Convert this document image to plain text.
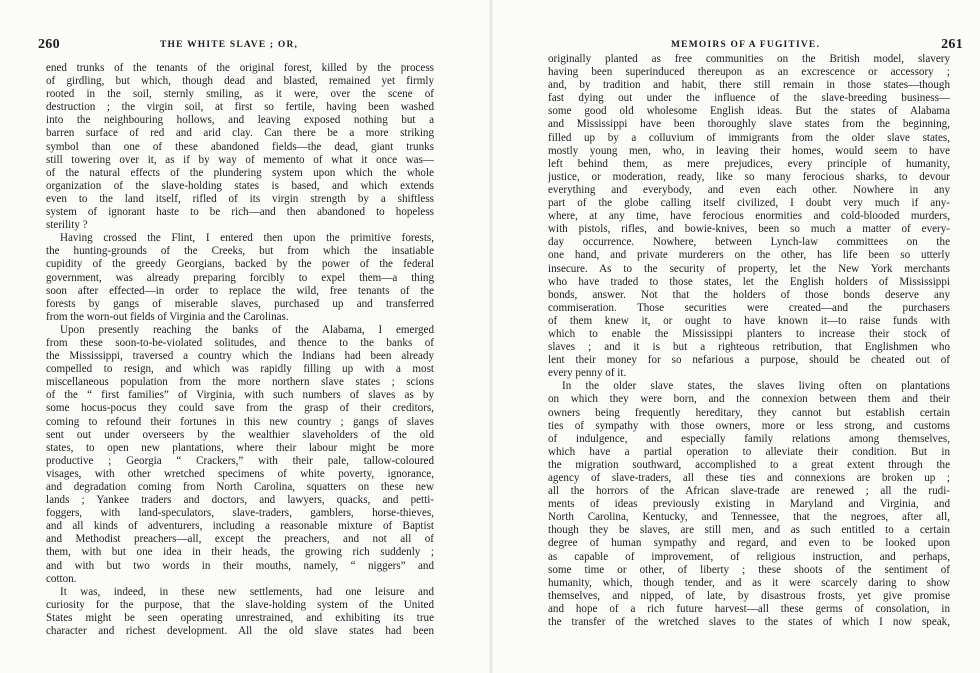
260	THE WHITE SLAVE ; OR,
ened trunks of the tenants of the original forest, killed by the process
of girdling, but which, though dead and blasted, remained yet firmly
rooted in the soil, sternly smiling, as it were, over the scene of
destruction ; the virgin soil, at first so fertile, having been washed
into the neighbouring hollows, and leaving exposed nothing but a
barren surface of red and arid clay. Can there be a more striking
symbol than one of these abandoned fields—the dead, giant trunks
still towering over it, as if by way of memento of what it once was—
of the natural effects of the plundering system upon which the whole
organization of the slave-holding states is based, and which extends
even to the land itself, rifled of its virgin strength by a shiftless
system of ignorant haste to be rich—and then abandoned to hopeless
sterility ?
Having crossed the Flint, I entered then upon the primitive forests,
the hunting-grounds of the Creeks, but from which the insatiable
cupidity of the greedy Georgians, backed by the power of the federal
government, was already preparing forcibly to expel them—a thing
soon after effected—in order to replace the wild, free tenants of the
forests by gangs of miserable slaves, purchased up and transferred
from the worn-out fields of Virginia and the Carolinas.
Upon presently reaching the banks of the Alabama, I emerged
from these soon-to-be-violated solitudes, and thence to the banks of
the Mississippi, traversed a country which the Indians had been already
compelled to resign, and which was rapidly filling up with a most
miscellaneous population from the more northern slave states ; scions
of the “ first families” of Virginia, with such numbers of slaves as by
some hocus-pocus they could save from the grasp of their creditors,
coming to refound their fortunes in this new country ; gangs of slaves
sent out under overseers by the wealthier slaveholders of the old
states, to open new plantations, where their labour might be more
productive ; Georgia “ Crackers,” with their pale, tallow-coloured
visages, with other wretched specimens of white poverty, ignorance,
and degradation coming from North Carolina, squatters on these new
lands ; Yankee traders and doctors, and lawyers, quacks, and petti-
foggers, with land-speculators, slave-traders, gamblers, horse-thieves,
and all kinds of adventurers, including a reasonable mixture of Baptist
and Methodist preachers—all, except the preachers, and not all of
them, with but one idea in their heads, the growing rich suddenly ;
and with but two words in their mouths, namely, “ niggers” and
cotton.
It was, indeed, in these new settlements, had one leisure and
curiosity for the purpose, that the slave-holding system of the United
States might be seen operating unrestrained, and exhibiting its true
character and richest development. All the old slave states had been
MEMOIRS OF A FUGITIVE.	261
originally planted as free communities on the British model, slavery
having been superinduced thereupon as an excrescence or accessory ;
and, by tradition and habit, there still remain in those states—though
fast dying out under the influence of the slave-breeding business—
some good old wholesome English ideas. But the states of Alabama
and Mississippi have been thoroughly slave states from the beginning,
filled up by a colluvium of immigrants from the older slave states,
mostly young men, who, in leaving their homes, would seem to have
left behind them, as mere prejudices, every principle of humanity,
justice, or moderation, ready, like so many ferocious sharks, to devour
everything and everybody, and even each other. Nowhere in any
part of the globe calling itself civilized, I doubt very much if any-
where, at any time, have ferocious enormities and cold-blooded murders,
with pistols, rifles, and bowie-knives, been so much a matter of every-
day occurrence. Nowhere, between Lynch-law committees on the
one hand, and private murderers on the other, has life been so utterly
insecure. As to the security of property, let the New York merchants
who have traded to those states, let the English holders of Mississippi
bonds, answer. Not that the holders of those bonds deserve any
commiseration. Those securities were created—and the purchasers
of them knew it, or ought to have known it—to raise funds with
which to enable the Mississippi planters to increase their stock of
slaves ; and it is but a righteous retribution, that Englishmen who
lent their money for so nefarious a purpose, should be cheated out of
every penny of it.
In the older slave states, the slaves living often on plantations
on which they were born, and the connexion between them and their
owners being frequently hereditary, they cannot but establish certain
ties of sympathy with those owners, more or less strong, and customs
of indulgence, and especially family relations among themselves,
which have a partial operation to alleviate their condition. But in
the migration southward, accomplished to a great extent through the
agency of slave-traders, all these ties and connexions are broken up ;
all the horrors of the African slave-trade are renewed ; all the rudi-
ments of ideas previously existing in Maryland and Virginia, and
North Carolina, Kentucky, and Tennessee, that the negroes, after all,
though they be slaves, are still men, and as such entitled to a certain
degree of human sympathy and regard, and even to be looked upon
as capable of improvement, of religious instruction, and perhaps,
some time or other, of liberty ; these shoots of the sentiment of
humanity, which, though tender, and as it were scarcely daring to show
themselves, and nipped, of late, by disastrous frosts, yet give promise
and hope of a rich future harvest—all these germs of consolation, in
the transfer of the wretched slaves to the states of which I now speak,
